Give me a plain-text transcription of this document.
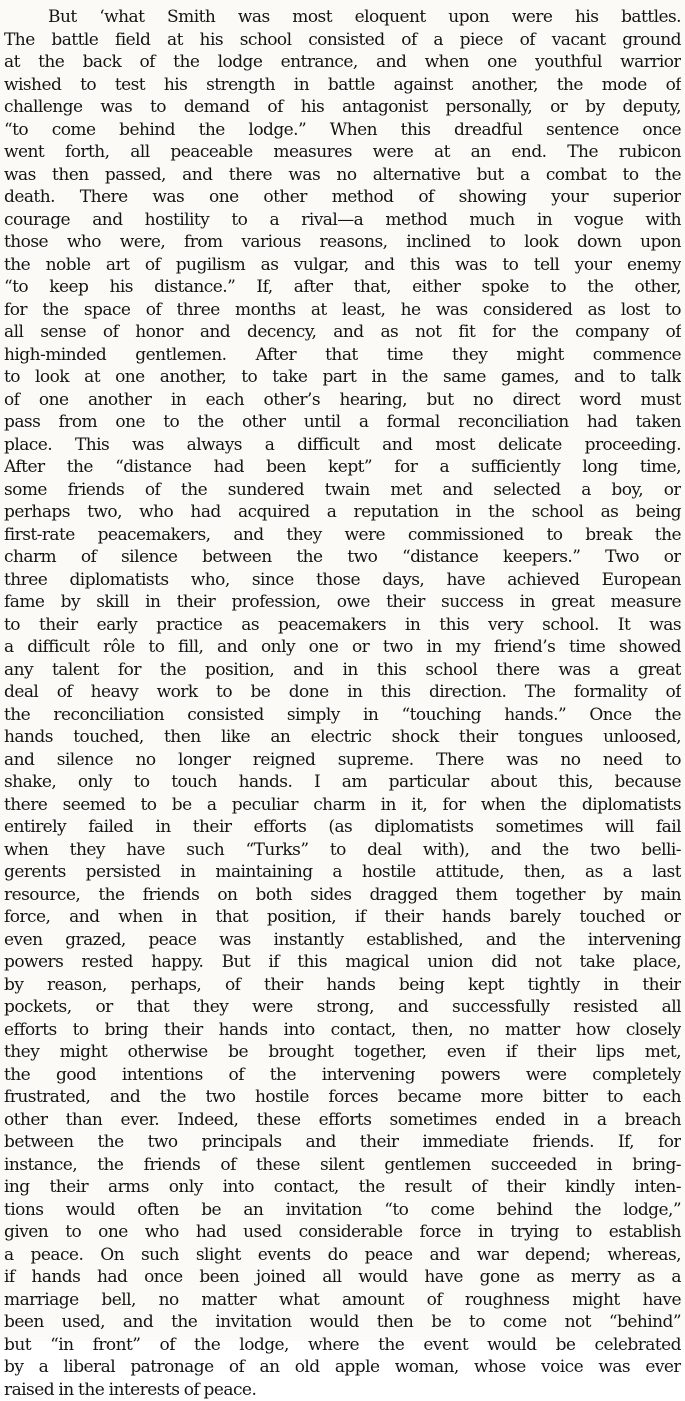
But ‘what Smith was most eloquent upon were his battles.
The battle field at his school consisted of a piece of vacant ground
at the back of the lodge entrance, and when one youthful warrior
wished to test his strength in battle against another, the mode of
challenge was to demand of his antagonist personally, or by deputy,
“to come behind the lodge.” When this dreadful sentence once
went forth, all peaceable measures were at an end. The rubicon
was then passed, and there was no alternative but a combat to the
death. There was one other method of showing your superior
courage and hostility to a rival—a method much in vogue with
those who were, from various reasons, inclined to look down upon
the noble art of pugilism as vulgar, and this was to tell your enemy
“to keep his distance.” If, after that, either spoke to the other,
for the space of three months at least, he was considered as lost to
all sense of honor and decency, and as not fit for the company of
high-minded gentlemen. After that time they might commence
to look at one another, to take part in the same games, and to talk
of one another in each other’s hearing, but no direct word must
pass from one to the other until a formal reconciliation had taken
place. This was always a difficult and most delicate proceeding.
After the “distance had been kept” for a sufficiently long time,
some friends of the sundered twain met and selected a boy, or
perhaps two, who had acquired a reputation in the school as being
first-rate peacemakers, and they were commissioned to break the
charm of silence between the two “distance keepers.” Two or
three diplomatists who, since those days, have achieved European
fame by skill in their profession, owe their success in great measure
to their early practice as peacemakers in this very school. It was
a difficult rôle to fill, and only one or two in my friend’s time showed
any talent for the position, and in this school there was a great
deal of heavy work to be done in this direction. The formality of
the reconciliation consisted simply in “touching hands.” Once the
hands touched, then like an electric shock their tongues unloosed,
and silence no longer reigned supreme. There was no need to
shake, only to touch hands. I am particular about this, because
there seemed to be a peculiar charm in it, for when the diplomatists
entirely failed in their efforts (as diplomatists sometimes will fail
when they have such “Turks” to deal with), and the two belli-
gerents persisted in maintaining a hostile attitude, then, as a last
resource, the friends on both sides dragged them together by main
force, and when in that position, if their hands barely touched or
even grazed, peace was instantly established, and the intervening
powers rested happy. But if this magical union did not take place,
by reason, perhaps, of their hands being kept tightly in their
pockets, or that they were strong, and successfully resisted all
efforts to bring their hands into contact, then, no matter how closely
they might otherwise be brought together, even if their lips met,
the good intentions of the intervening powers were completely
frustrated, and the two hostile forces became more bitter to each
other than ever. Indeed, these efforts sometimes ended in a breach
between the two principals and their immediate friends. If, for
instance, the friends of these silent gentlemen succeeded in bring-
ing their arms only into contact, the result of their kindly inten-
tions would often be an invitation “to come behind the lodge,”
given to one who had used considerable force in trying to establish
a peace. On such slight events do peace and war depend; whereas,
if hands had once been joined all would have gone as merry as a
marriage bell, no matter what amount of roughness might have
been used, and the invitation would then be to come not “behind”
but “in front” of the lodge, where the event would be celebrated
by a liberal patronage of an old apple woman, whose voice was ever
raised in the interests of peace.
